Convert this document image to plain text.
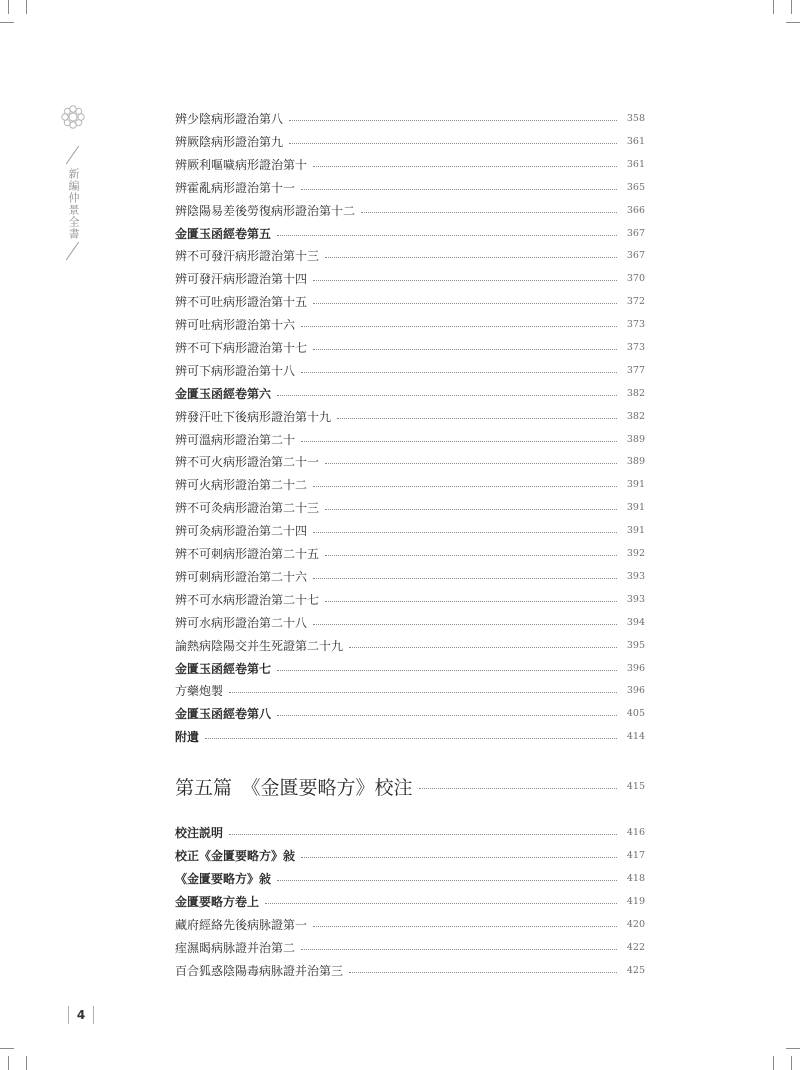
新編仲景全書
辨少陰病形證治第八	358
辨厥陰病形證治第九	361
辨厥利嘔噦病形證治第十	361
辨霍亂病形證治第十一	365
辨陰陽易差後勞復病形證治第十二	366
金匱玉函經卷第五	367
辨不可發汗病形證治第十三	367
辨可發汗病形證治第十四	370
辨不可吐病形證治第十五	372
辨可吐病形證治第十六	373
辨不可下病形證治第十七	373
辨可下病形證治第十八	377
金匱玉函經卷第六	382
辨發汗吐下後病形證治第十九	382
辨可溫病形證治第二十	389
辨不可火病形證治第二十一	389
辨可火病形證治第二十二	391
辨不可灸病形證治第二十三	391
辨可灸病形證治第二十四	391
辨不可刺病形證治第二十五	392
辨可刺病形證治第二十六	393
辨不可水病形證治第二十七	393
辨可水病形證治第二十八	394
論熱病陰陽交并生死證第二十九	395
金匱玉函經卷第七	396
方藥炮製	396
金匱玉函經卷第八	405
附遺	414
第五篇　《金匱要略方》校注	415
校注説明	416
校正《金匱要略方》敍	417
《金匱要略方》敍	418
金匱要略方卷上	419
藏府經絡先後病脉證第一	420
痓濕暍病脉證并治第二	422
百合狐惑陰陽毒病脉證并治第三	425
4
